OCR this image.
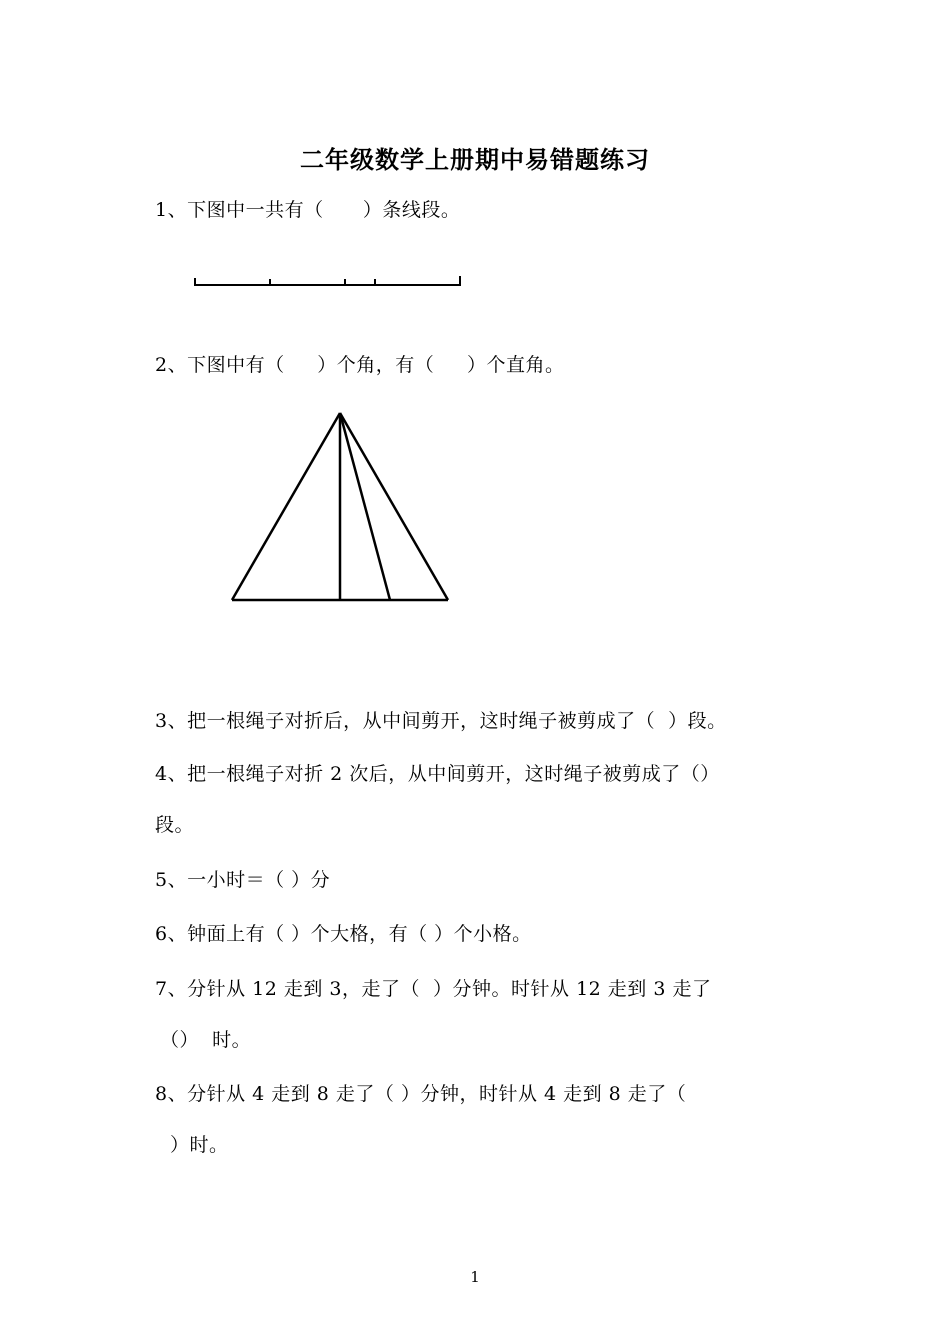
二年级数学上册期中易错题练习
1、下图中一共有（      ）条线段。
2、下图中有（     ）个角，有（     ）个直角。
3、把一根绳子对折后，从中间剪开，这时绳子被剪成了（  ）段。
4、把一根绳子对折 2 次后，从中间剪开，这时绳子被剪成了（）
段。
5、一小时＝（ ）分
6、钟面上有（ ）个大格，有（ ）个小格。
7、分针从 12 走到 3，走了（  ）分钟。时针从 12 走到 3 走了
（）  时。
8、分针从 4 走到 8 走了（ ）分钟，时针从 4 走到 8 走了（
）时。
1
